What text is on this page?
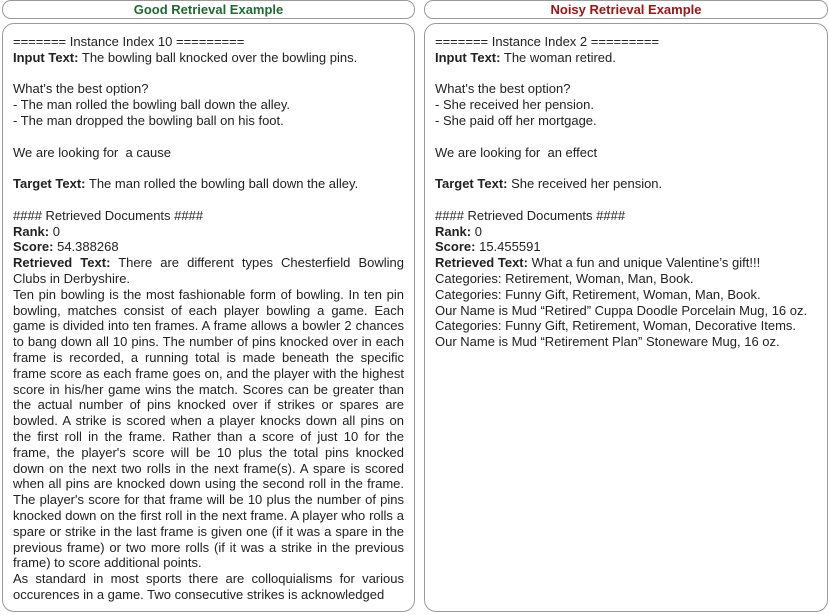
Good Retrieval Example
======= Instance Index 10 =========
Input Text: The bowling ball knocked over the bowling pins.
What's the best option?
- The man rolled the bowling ball down the alley.
- The man dropped the bowling ball on his foot.
We are looking for  a cause
Target Text: The man rolled the bowling ball down the alley.
#### Retrieved Documents ####
Rank: 0
Score: 54.388268
Retrieved Text: There are different types Chesterfield Bowling Clubs in Derbyshire.
Ten pin bowling is the most fashionable form of bowling. In ten pin bowling, matches consist of each player bowling a game. Each game is divided into ten frames. A frame allows a bowler 2 chances to bang down all 10 pins. The number of pins knocked over in each frame is recorded, a running total is made beneath the specific frame score as each frame goes on, and the player with the highest score in his/her game wins the match. Scores can be greater than the actual number of pins knocked over if strikes or spares are bowled. A strike is scored when a player knocks down all pins on the first roll in the frame. Rather than a score of just 10 for the frame, the player's score will be 10 plus the total pins knocked down on the next two rolls in the next frame(s). A spare is scored when all pins are knocked down using the second roll in the frame. The player's score for that frame will be 10 plus the number of pins knocked down on the first roll in the next frame. A player who rolls a spare or strike in the last frame is given one (if it was a spare in the previous frame) or two more rolls (if it was a strike in the previous frame) to score additional points.
As standard in most sports there are colloquialisms for various occurences in a game. Two consecutive strikes is acknowledged
Noisy Retrieval Example
======= Instance Index 2 =========
Input Text: The woman retired.
What's the best option?
- She received her pension.
- She paid off her mortgage.
We are looking for  an effect
Target Text: She received her pension.
#### Retrieved Documents ####
Rank: 0
Score: 15.455591
Retrieved Text: What a fun and unique Valentine’s gift!!!
Categories: Retirement, Woman, Man, Book.
Categories: Funny Gift, Retirement, Woman, Man, Book.
Our Name is Mud “Retired” Cuppa Doodle Porcelain Mug, 16 oz.
Categories: Funny Gift, Retirement, Woman, Decorative Items.
Our Name is Mud “Retirement Plan” Stoneware Mug, 16 oz.
